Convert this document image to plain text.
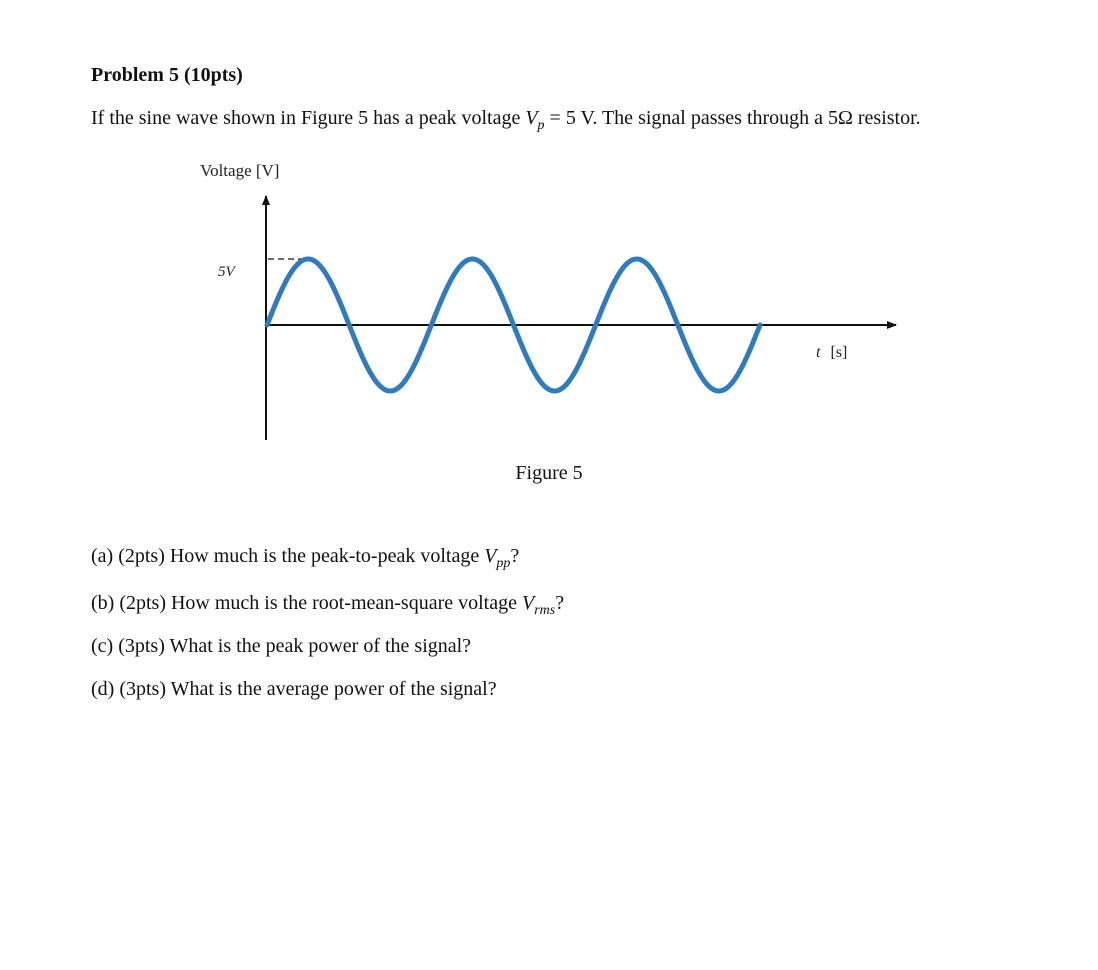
Problem 5 (10pts)
If the sine wave shown in Figure 5 has a peak voltage $V_p = 5$ V. The signal passes through a 5Ω resistor.
Voltage [V]
5V
t [s]
Figure 5
(a) (2pts) How much is the peak-to-peak voltage $V_{pp}$?
(b) (2pts) How much is the root-mean-square voltage $V_{rms}$?
(c) (3pts) What is the peak power of the signal?
(d) (3pts) What is the average power of the signal?
